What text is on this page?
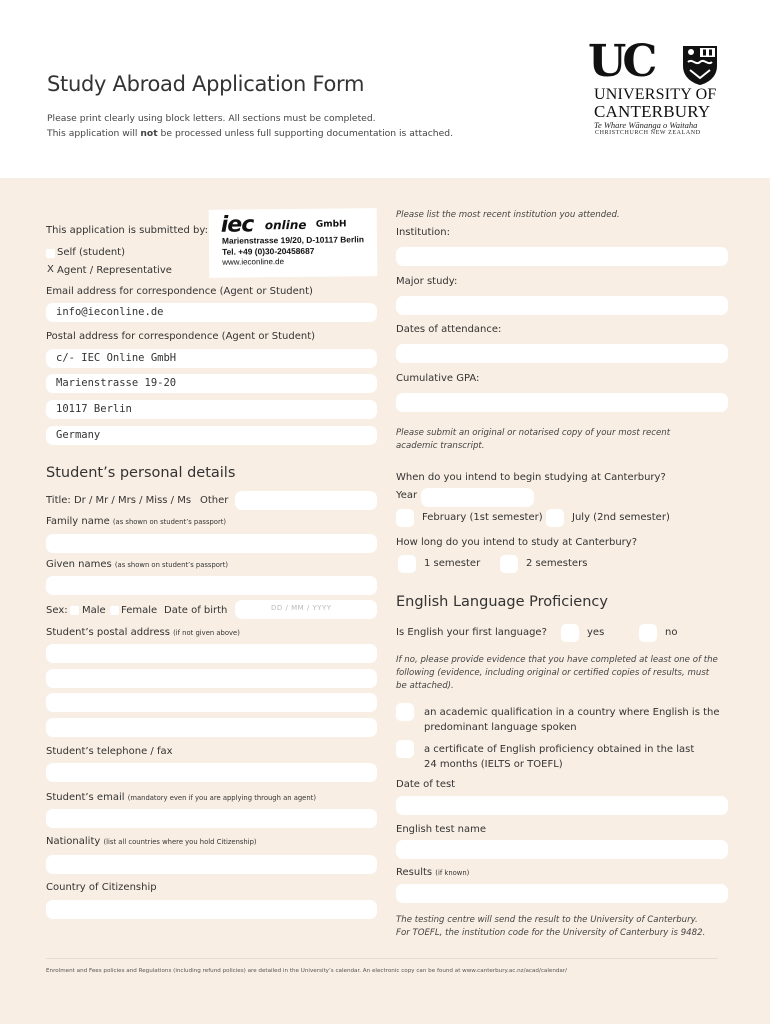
Study Abroad Application Form
Please print clearly using block letters. All sections must be completed.
This application will not be processed unless full supporting documentation is attached.
UC
UNIVERSITY OF
CANTERBURY
Te Whare Wānanga o Waitaha
CHRISTCHURCH NEW ZEALAND
iec online GmbH
Marienstrasse 19/20, D-10117 Berlin
Tel. +49 (0)30-20458687
www.ieconline.de
This application is submitted by:
Self (student)
X Agent / Representative
Email address for correspondence (Agent or Student)
info@ieconline.de
Postal address for correspondence (Agent or Student)
c/- IEC Online GmbH
Marienstrasse 19-20
10117 Berlin
Germany
Student’s personal details
Title: Dr / Mr / Mrs / Miss / Ms Other
Family name (as shown on student’s passport)
Given names (as shown on student’s passport)
Sex: Male Female Date of birth	DD / MM / YYYY
Student’s postal address (if not given above)
Student’s telephone / fax
Student’s email (mandatory even if you are applying through an agent)
Nationality (list all countries where you hold Citizenship)
Country of Citizenship
Please list the most recent institution you attended.
Institution:
Major study:
Dates of attendance:
Cumulative GPA:
Please submit an original or notarised copy of your most recent
academic transcript.
When do you intend to begin studying at Canterbury?
Year
February (1st semester)	July (2nd semester)
How long do you intend to study at Canterbury?
1 semester	2 semesters
English Language Proficiency
Is English your first language?	yes	no
If no, please provide evidence that you have completed at least one of the
following (evidence, including original or certified copies of results, must
be attached).
an academic qualification in a country where English is the
predominant language spoken
a certificate of English proficiency obtained in the last
24 months (IELTS or TOEFL)
Date of test
English test name
Results (if known)
The testing centre will send the result to the University of Canterbury.
For TOEFL, the institution code for the University of Canterbury is 9482.
Enrolment and Fees policies and Regulations (including refund policies) are detailed in the University’s calendar. An electronic copy can be found at www.canterbury.ac.nz/acad/calendar/
